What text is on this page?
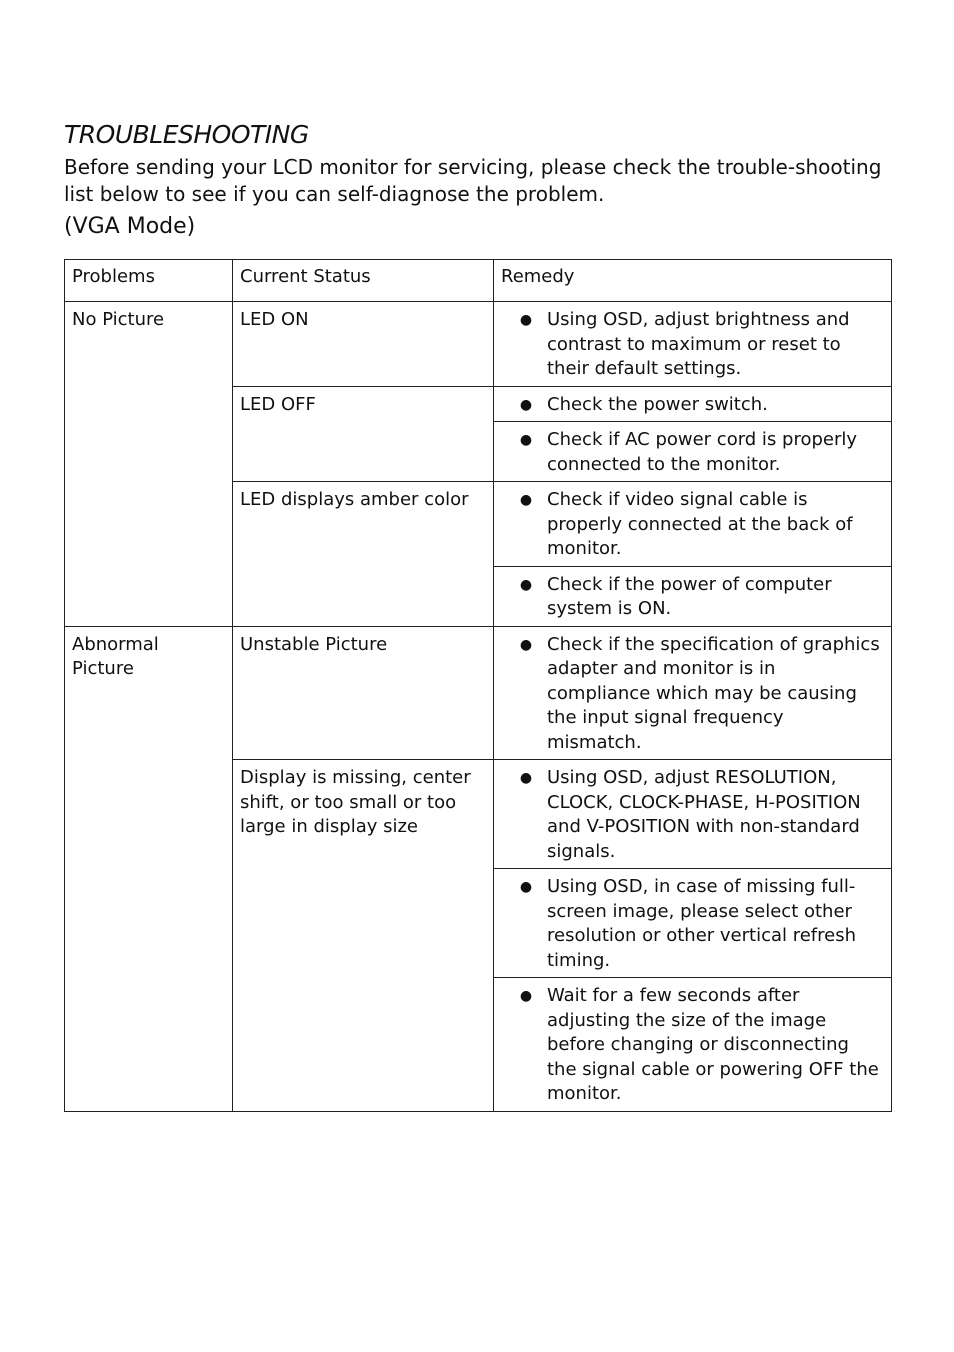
TROUBLESHOOTING

Before sending your LCD monitor for servicing, please check the trouble-shooting list below to see if you can self-diagnose the problem.

(VGA Mode)

Problems	Current Status	Remedy
No Picture	LED ON	● Using OSD, adjust brightness and contrast to maximum or reset to their default settings.

	LED OFF	● Check the power switch.

		● Check if AC power cord is properly connected to the monitor.

	LED displays amber color	● Check if video signal cable is properly connected at the back of monitor.

		● Check if the power of computer system is ON.

Abnormal Picture	Unstable Picture	● Check if the specification of graphics adapter and monitor is in compliance which may be causing the input signal frequency mismatch.

	Display is missing, center shift, or too small or too large in display size	● Using OSD, adjust RESOLUTION, CLOCK, CLOCK-PHASE, H-POSITION and V-POSITION with non-standard signals.

		● Using OSD, in case of missing full-screen image, please select other resolution or other vertical refresh timing.

		● Wait for a few seconds after adjusting the size of the image before changing or disconnecting the signal cable or powering OFF the monitor.
